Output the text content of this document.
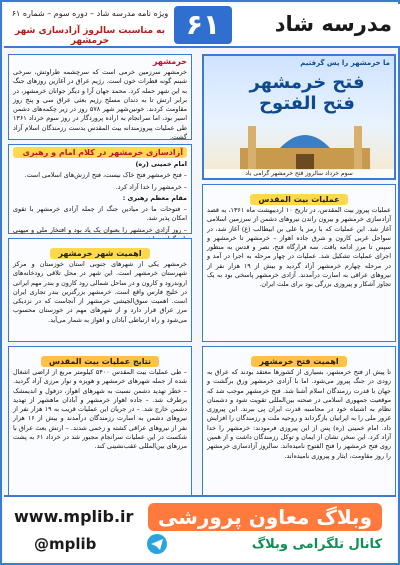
مدرسه شاد
۶۱
ویژه نامه مدرسه شاد – دوره سوم – شماره ۶۱
به مناسبت سالروز آزادسازی شهر خرمشهر
خرمشهر
خرمشهر سرزمین خرمی است که سرچشمه طراوتش، سرخی شبنم گونه قطرات خون است. رژیم عراق در آغازین روزهای جنگ به این شهر حمله کرد. محمد جهان آرا و دیگر جوانان خرمشهر، در برابر ارتش تا به دندان مسلح رژیم بعثی عراق سی و پنج روز مقاومت کردند. خونین‌شهر شهر ۵۷۸ روز در زیر چکمه‌های دشمن اسیر بود، اما سرانجام به اراده پروردگار در روز سوم خرداد ۱۳۶۱ طی عملیات پیروزمندانه بیت المقدس بدست رزمندگان اسلام آزاد گشت.
ما خرمشهر را پس گرفتیم
فتح خرمشهر فتح الفتوح
سوم خرداد سالروز فتح خرمشهر گرامی باد
آزادسازی خرمشهر در کلام امام و رهبری

امام خمینی (ره)

– فتح خرمشهر فتح خاک نیست، فتح ارزش‌های اسلامی است.

– خرمشهر را خدا آزاد کرد.

مقام معظم رهبری :

– فتوحات ما در میادین جنگ از جمله آزادی خرمشهر با تقوی امکان پذیر شد.

– روز آزادی خرمشهر را بعنوان یک یاد بود و افتخار ملی و میهنی

اهمیت شهر خرمشهر
خرمشهر یکی از شهرهای جنوبی استان خوزستان و مرکز شهرستان خرمشهر است. این شهر در محل تلاقی رودخانه‌های اروندرود و کارون و در ساحل شمالی رود کارون و بندر مهم ایرانی در خلیج فارس واقع است. خرمشهر بزرگترین بندر تجاری ایران است. اهمیت سوق‌الجیشی خرمشهر از آنجاست که در نزدیکی مرز عراق قرار دارد و از شهرهای مهم در خوزستان محسوب می‌شود و راه ارتباطی آبادان و اهواز به شمار می‌آید.
عملیات بیت المقدس
عملیات پیروز بیت المقدس، در تاریخ ۱۰ اردیبهشت ماه ۱۳۶۱، به قصد آزادسازی خرمشهر و بیرون راندن نیروهای دشمن از سرزمین اسلامی آغاز شد. این عملیات که با رمز یا علی بن ابیطالب (ع) آغاز شد، در سواحل غربی کارون و شرق جاده اهواز – خرمشهر تا خرمشهر و سپس تا مرز ادامه یافت. سه قرارگاه فتح، نصر و قدس به منظور اجرای عملیات تشکیل شد. عملیات در چهار مرحله به اجرا در آمد و در مرحله چهارم خرمشهر آزاد گردید و بیش از ۱۹ هزار نفر از نیروهای عراقی به اسارت درآمدند. آزادی خرمشهر پاسخی بود به یک تجاوز آشکار و پیروزی بزرگی بود برای ملت ایران.
نتایج عملیات بیت المقدس
– طی عملیات بیت المقدس ۵۴۰۰ کیلومتر مربع از اراضی اشغال شده از جمله شهرهای خرمشهر و هویزه و نوار مرزی آزاد گردید. – خطر تهدید دشمن نسبت به شهرهای اهواز، دزفول و اندیمشک برطرف شد. – جاده اهواز خرمشهر و آبادان ماهشهر از تهدید دشمن خارج شد. – در جریان این عملیات قریب به ۱۹ هزار نفر از نیروهای دشمن به اسارت رزمندگان درآمدند و بیش از ۱۶ هزار نفر از نیروهای عراقی کشته و زخمی شدند. – ارتش بعث عراق با شکست در این عملیات سرانجام مجبور شد در خرداد ۶۱ به پشت مرزهای بین‌المللی عقب‌نشینی کند.
اهمیت فتح خرمشهر
تا پیش از فتح خرمشهر، بسیاری از کشورها معتقد بودند که عراق به زودی در جنگ پیروز می‌شود. اما با آزادی خرمشهر ورق برگشت و جهان با قدرت رزمندگان اسلام آشنا شد. فتح خرمشهر موجب شد که موقعیت جمهوری اسلامی در صحنه بین‌المللی تقویت شود و دشمنان نظام به اشتباه خود در محاسبه قدرت ایران پی ببرند. این پیروزی غرور ملی را به ایرانیان بازگرداند و روحیه ملت و رزمندگان را افزایش داد. امام خمینی (ره) پس از این پیروزی فرمودند: خرمشهر را خدا آزاد کرد. این سخن نشان از ایمان و توکل رزمندگان داشت و از همین روی فتح خرمشهر را فتح الفتوح نامیده‌اند. سالروز آزادسازی خرمشهر را روز مقاومت، ایثار و پیروزی نامیده‌اند.
وبلاگ معاون پرورشی
www.mplib.ir
کانال تلگرامی وبلاگ
@mplib
